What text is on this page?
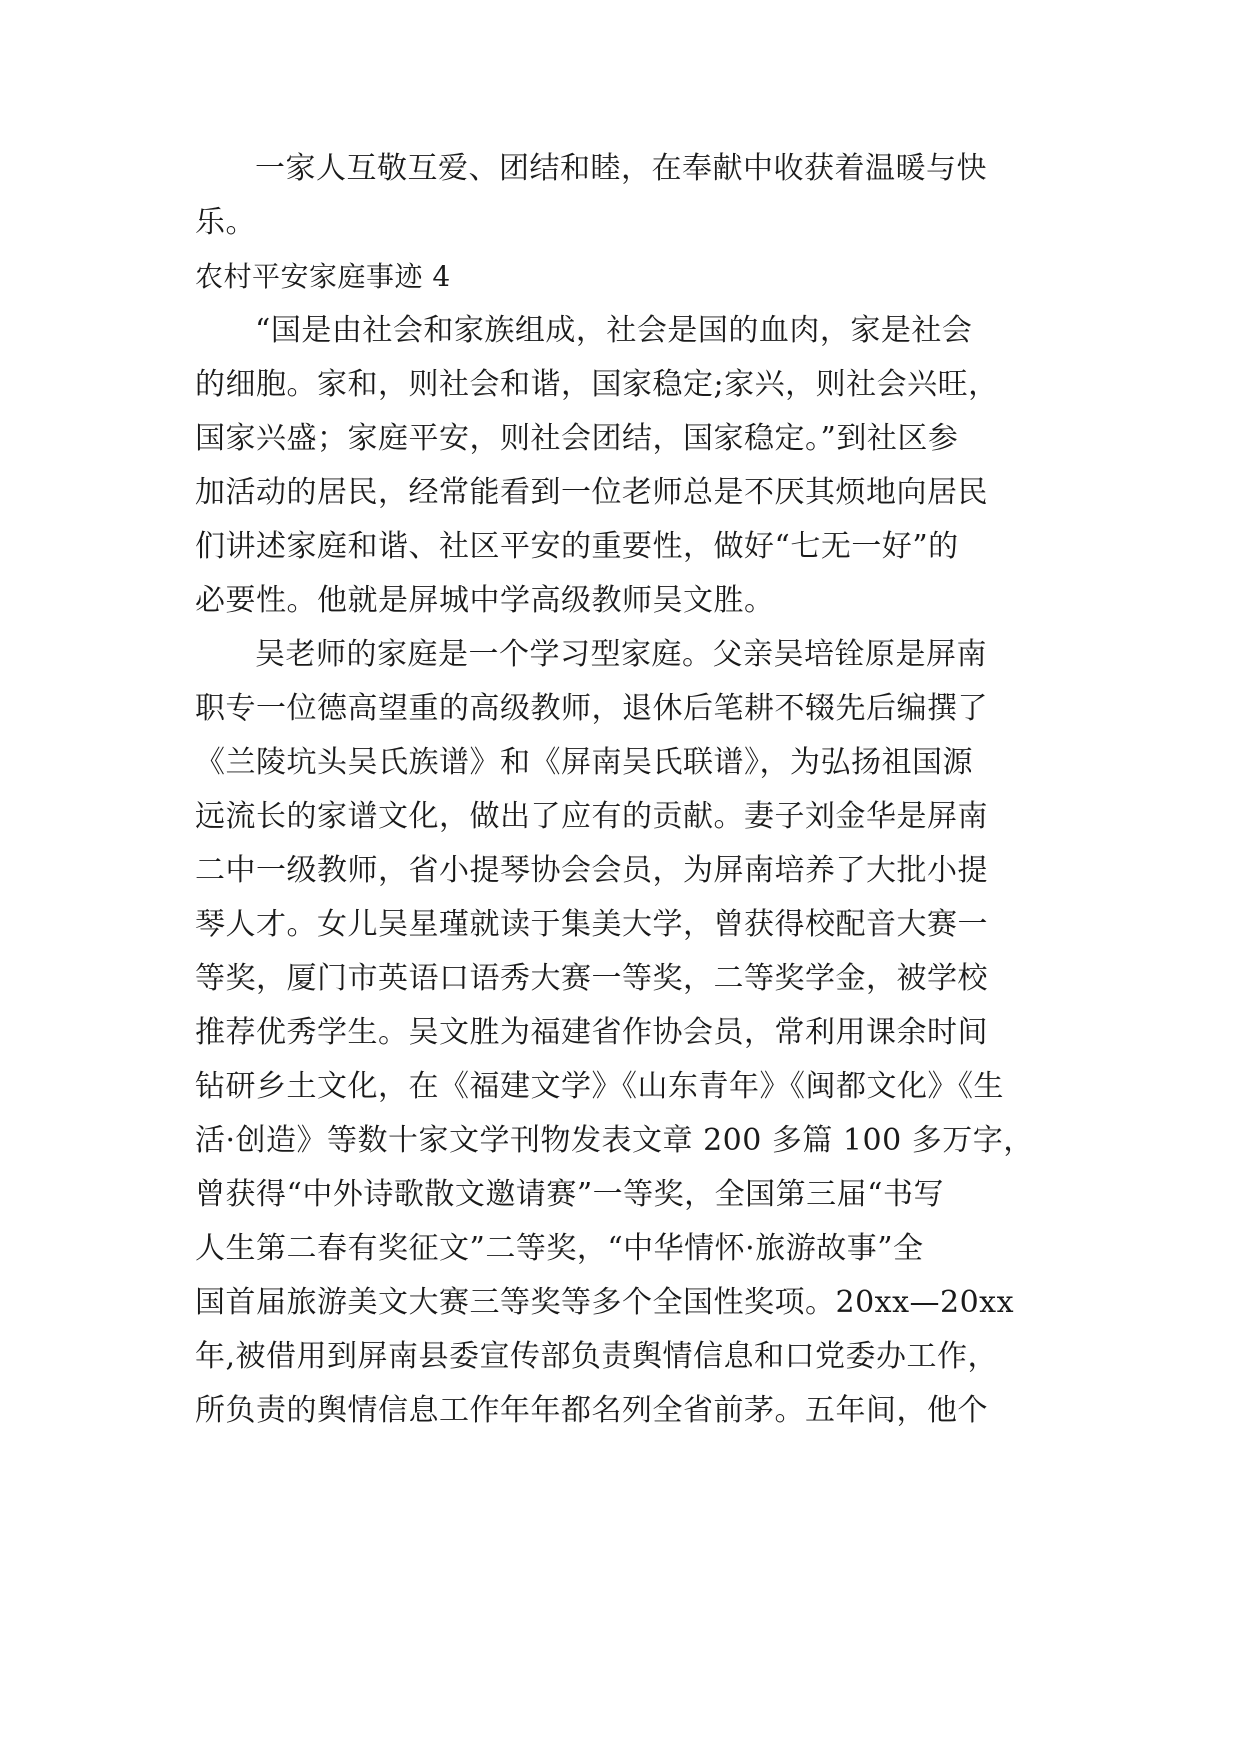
一家人互敬互爱、团结和睦，在奉献中收获着温暖与快
乐。
农村平安家庭事迹 4
“国是由社会和家族组成，社会是国的血肉，家是社会
的细胞。家和，则社会和谐，国家稳定;家兴，则社会兴旺，
国家兴盛；家庭平安，则社会团结，国家稳定。”到社区参
加活动的居民，经常能看到一位老师总是不厌其烦地向居民
们讲述家庭和谐、社区平安的重要性，做好“七无一好”的
必要性。他就是屏城中学高级教师吴文胜。
吴老师的家庭是一个学习型家庭。父亲吴培铨原是屏南
职专一位德高望重的高级教师，退休后笔耕不辍先后编撰了
《兰陵坑头吴氏族谱》和《屏南吴氏联谱》，为弘扬祖国源
远流长的家谱文化，做出了应有的贡献。妻子刘金华是屏南
二中一级教师，省小提琴协会会员，为屏南培养了大批小提
琴人才。女儿吴星瑾就读于集美大学，曾获得校配音大赛一
等奖，厦门市英语口语秀大赛一等奖，二等奖学金，被学校
推荐优秀学生。吴文胜为福建省作协会员，常利用课余时间
钻研乡土文化，在《福建文学》《山东青年》《闽都文化》《生
活·创造》等数十家文学刊物发表文章 200 多篇 100 多万字，
曾获得“中外诗歌散文邀请赛”一等奖，全国第三届“书写
人生第二春有奖征文”二等奖，“中华情怀·旅游故事”全
国首届旅游美文大赛三等奖等多个全国性奖项。20xx—20xx
年,被借用到屏南县委宣传部负责舆情信息和口党委办工作，
所负责的舆情信息工作年年都名列全省前茅。五年间，他个
